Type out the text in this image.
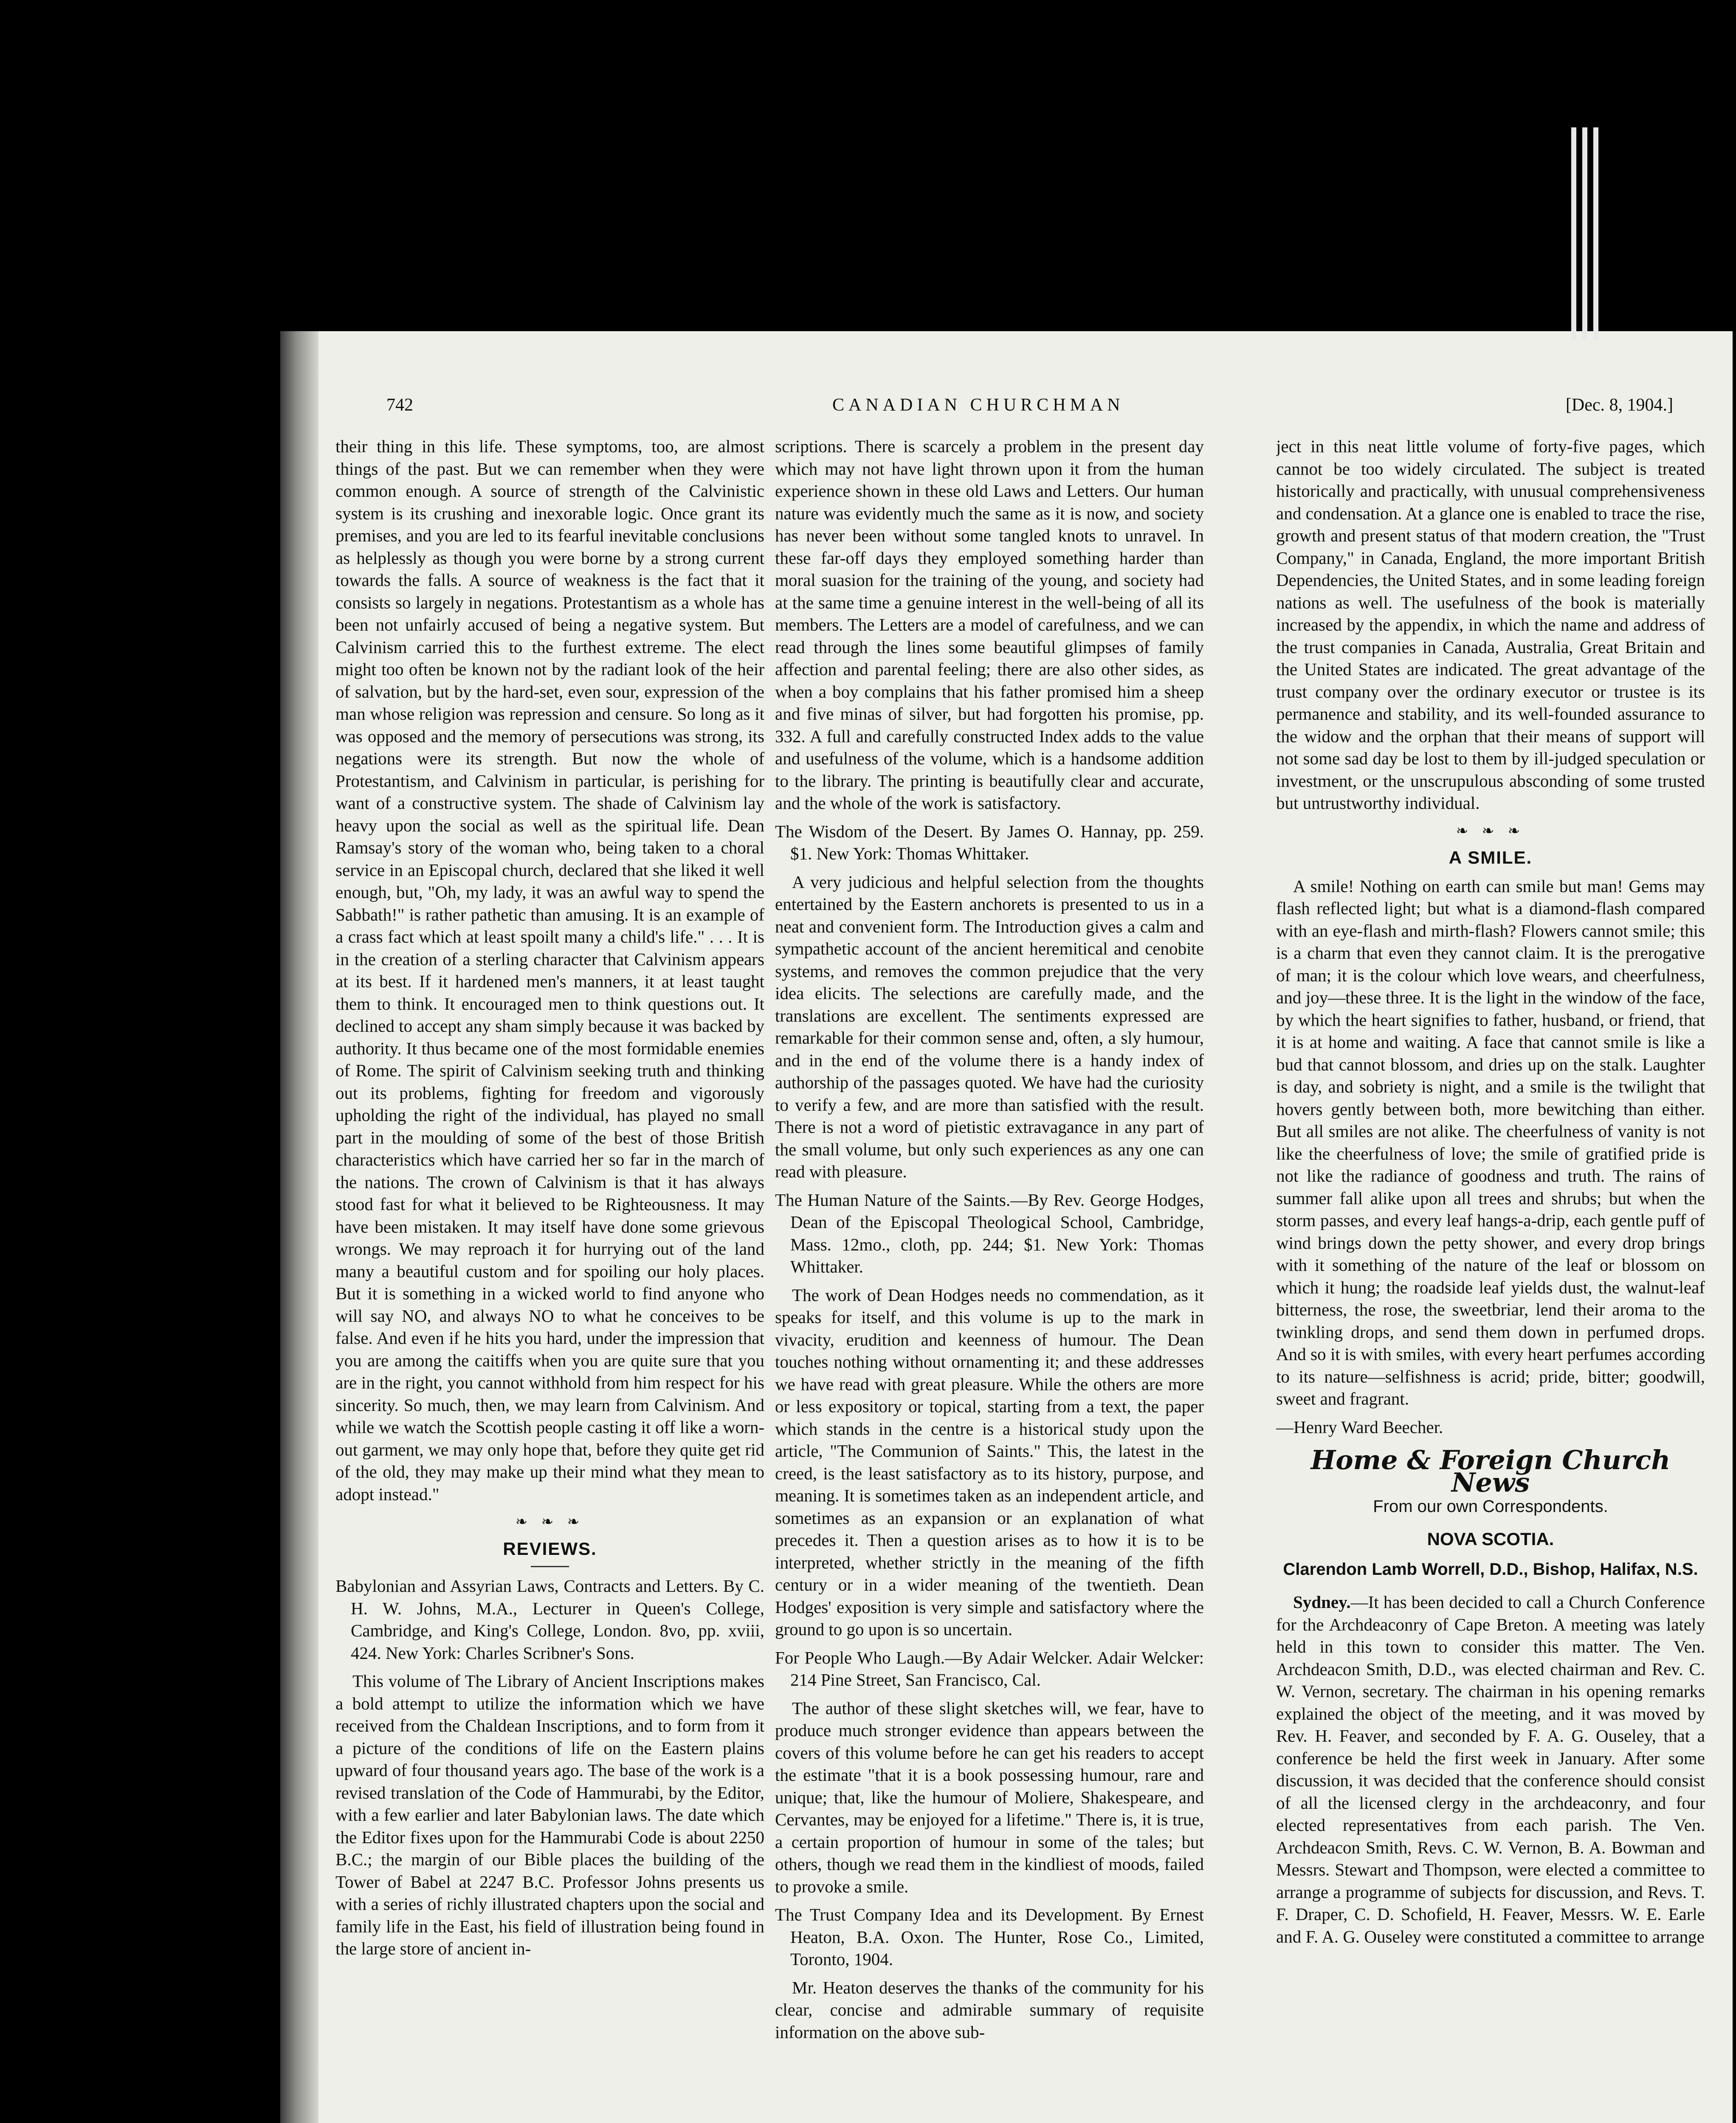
742	CANADIAN CHURCHMAN	[Dec. 8, 1904.]

their thing in this life. These symptoms, too, are almost things of the past. But we can remember when they were common enough. A source of strength of the Calvinistic system is its crushing and inexorable logic. Once grant its premises, and you are led to its fearful inevitable conclusions as helplessly as though you were borne by a strong current towards the falls. A source of weakness is the fact that it consists so largely in negations. Protestantism as a whole has been not unfairly accused of being a negative system. But Calvinism carried this to the furthest extreme. The elect might too often be known not by the radiant look of the heir of salvation, but by the hard-set, even sour, expression of the man whose religion was repression and censure. So long as it was opposed and the memory of persecutions was strong, its negations were its strength. But now the whole of Protestantism, and Calvinism in particular, is perishing for want of a constructive system. The shade of Calvinism lay heavy upon the social as well as the spiritual life. Dean Ramsay's story of the woman who, being taken to a choral service in an Episcopal church, declared that she liked it well enough, but, "Oh, my lady, it was an awful way to spend the Sabbath!" is rather pathetic than amusing. It is an example of a crass fact which at least spoilt many a child's life." . . . It is in the creation of a sterling character that Calvinism appears at its best. If it hardened men's manners, it at least taught them to think. It encouraged men to think questions out. It declined to accept any sham simply because it was backed by authority. It thus became one of the most formidable enemies of Rome. The spirit of Calvinism seeking truth and thinking out its problems, fighting for freedom and vigorously upholding the right of the individual, has played no small part in the moulding of some of the best of those British characteristics which have carried her so far in the march of the nations. The crown of Calvinism is that it has always stood fast for what it believed to be Righteousness. It may have been mistaken. It may itself have done some grievous wrongs. We may reproach it for hurrying out of the land many a beautiful custom and for spoiling our holy places. But it is something in a wicked world to find anyone who will say NO, and always NO to what he conceives to be false. And even if he hits you hard, under the impression that you are among the caitiffs when you are quite sure that you are in the right, you cannot withhold from him respect for his sincerity. So much, then, we may learn from Calvinism. And while we watch the Scottish people casting it off like a worn-out garment, we may only hope that, before they quite get rid of the old, they may make up their mind what they mean to adopt instead."

❧ ❧ ❧
REVIEWS.

Babylonian and Assyrian Laws, Contracts and Letters. By C. H. W. Johns, M.A., Lecturer in Queen's College, Cambridge, and King's College, London. 8vo, pp. xviii, 424. New York: Charles Scribner's Sons.

This volume of The Library of Ancient Inscriptions makes a bold attempt to utilize the information which we have received from the Chaldean Inscriptions, and to form from it a picture of the conditions of life on the Eastern plains upward of four thousand years ago. The base of the work is a revised translation of the Code of Hammurabi, by the Editor, with a few earlier and later Babylonian laws. The date which the Editor fixes upon for the Hammurabi Code is about 2250 B.C.; the margin of our Bible places the building of the Tower of Babel at 2247 B.C. Professor Johns presents us with a series of richly illustrated chapters upon the social and family life in the East, his field of illustration being found in the large store of ancient in-

scriptions. There is scarcely a problem in the present day which may not have light thrown upon it from the human experience shown in these old Laws and Letters. Our human nature was evidently much the same as it is now, and society has never been without some tangled knots to unravel. In these far-off days they employed something harder than moral suasion for the training of the young, and society had at the same time a genuine interest in the well-being of all its members. The Letters are a model of carefulness, and we can read through the lines some beautiful glimpses of family affection and parental feeling; there are also other sides, as when a boy complains that his father promised him a sheep and five minas of silver, but had forgotten his promise, pp. 332. A full and carefully constructed Index adds to the value and usefulness of the volume, which is a handsome addition to the library. The printing is beautifully clear and accurate, and the whole of the work is satisfactory.

The Wisdom of the Desert. By James O. Hannay, pp. 259. $1. New York: Thomas Whittaker.

A very judicious and helpful selection from the thoughts entertained by the Eastern anchorets is presented to us in a neat and convenient form. The Introduction gives a calm and sympathetic account of the ancient heremitical and cenobite systems, and removes the common prejudice that the very idea elicits. The selections are carefully made, and the translations are excellent. The sentiments expressed are remarkable for their common sense and, often, a sly humour, and in the end of the volume there is a handy index of authorship of the passages quoted. We have had the curiosity to verify a few, and are more than satisfied with the result. There is not a word of pietistic extravagance in any part of the small volume, but only such experiences as any one can read with pleasure.

The Human Nature of the Saints.—By Rev. George Hodges, Dean of the Episcopal Theological School, Cambridge, Mass. 12mo., cloth, pp. 244; $1. New York: Thomas Whittaker.

The work of Dean Hodges needs no commendation, as it speaks for itself, and this volume is up to the mark in vivacity, erudition and keenness of humour. The Dean touches nothing without ornamenting it; and these addresses we have read with great pleasure. While the others are more or less expository or topical, starting from a text, the paper which stands in the centre is a historical study upon the article, "The Communion of Saints." This, the latest in the creed, is the least satisfactory as to its history, purpose, and meaning. It is sometimes taken as an independent article, and sometimes as an expansion or an explanation of what precedes it. Then a question arises as to how it is to be interpreted, whether strictly in the meaning of the fifth century or in a wider meaning of the twentieth. Dean Hodges' exposition is very simple and satisfactory where the ground to go upon is so uncertain.

For People Who Laugh.—By Adair Welcker. Adair Welcker: 214 Pine Street, San Francisco, Cal.

The author of these slight sketches will, we fear, have to produce much stronger evidence than appears between the covers of this volume before he can get his readers to accept the estimate "that it is a book possessing humour, rare and unique; that, like the humour of Moliere, Shakespeare, and Cervantes, may be enjoyed for a lifetime." There is, it is true, a certain proportion of humour in some of the tales; but others, though we read them in the kindliest of moods, failed to provoke a smile.

The Trust Company Idea and its Development. By Ernest Heaton, B.A. Oxon. The Hunter, Rose Co., Limited, Toronto, 1904.

Mr. Heaton deserves the thanks of the community for his clear, concise and admirable summary of requisite information on the above sub-

ject in this neat little volume of forty-five pages, which cannot be too widely circulated. The subject is treated historically and practically, with unusual comprehensiveness and condensation. At a glance one is enabled to trace the rise, growth and present status of that modern creation, the "Trust Company," in Canada, England, the more important British Dependencies, the United States, and in some leading foreign nations as well. The usefulness of the book is materially increased by the appendix, in which the name and address of the trust companies in Canada, Australia, Great Britain and the United States are indicated. The great advantage of the trust company over the ordinary executor or trustee is its permanence and stability, and its well-founded assurance to the widow and the orphan that their means of support will not some sad day be lost to them by ill-judged speculation or investment, or the unscrupulous absconding of some trusted but untrustworthy individual.

❧ ❧ ❧
A SMILE.

A smile! Nothing on earth can smile but man! Gems may flash reflected light; but what is a diamond-flash compared with an eye-flash and mirth-flash? Flowers cannot smile; this is a charm that even they cannot claim. It is the prerogative of man; it is the colour which love wears, and cheerfulness, and joy—these three. It is the light in the window of the face, by which the heart signifies to father, husband, or friend, that it is at home and waiting. A face that cannot smile is like a bud that cannot blossom, and dries up on the stalk. Laughter is day, and sobriety is night, and a smile is the twilight that hovers gently between both, more bewitching than either. But all smiles are not alike. The cheerfulness of vanity is not like the cheerfulness of love; the smile of gratified pride is not like the radiance of goodness and truth. The rains of summer fall alike upon all trees and shrubs; but when the storm passes, and every leaf hangs-a-drip, each gentle puff of wind brings down the petty shower, and every drop brings with it something of the nature of the leaf or blossom on which it hung; the roadside leaf yields dust, the walnut-leaf bitterness, the rose, the sweetbriar, lend their aroma to the twinkling drops, and send them down in perfumed drops. And so it is with smiles, with every heart perfumes according to its nature—selfishness is acrid; pride, bitter; goodwill, sweet and fragrant.

—Henry Ward Beecher.

Home & Foreign Church News
From our own Correspondents.
NOVA SCOTIA.
Clarendon Lamb Worrell, D.D., Bishop, Halifax, N.S.

Sydney.—It has been decided to call a Church Conference for the Archdeaconry of Cape Breton. A meeting was lately held in this town to consider this matter. The Ven. Archdeacon Smith, D.D., was elected chairman and Rev. C. W. Vernon, secretary. The chairman in his opening remarks explained the object of the meeting, and it was moved by Rev. H. Feaver, and seconded by F. A. G. Ouseley, that a conference be held the first week in January. After some discussion, it was decided that the conference should consist of all the licensed clergy in the archdeaconry, and four elected representatives from each parish. The Ven. Archdeacon Smith, Revs. C. W. Vernon, B. A. Bowman and Messrs. Stewart and Thompson, were elected a committee to arrange a programme of subjects for discussion, and Revs. T. F. Draper, C. D. Schofield, H. Feaver, Messrs. W. E. Earle and F. A. G. Ouseley were constituted a committee to arrange
